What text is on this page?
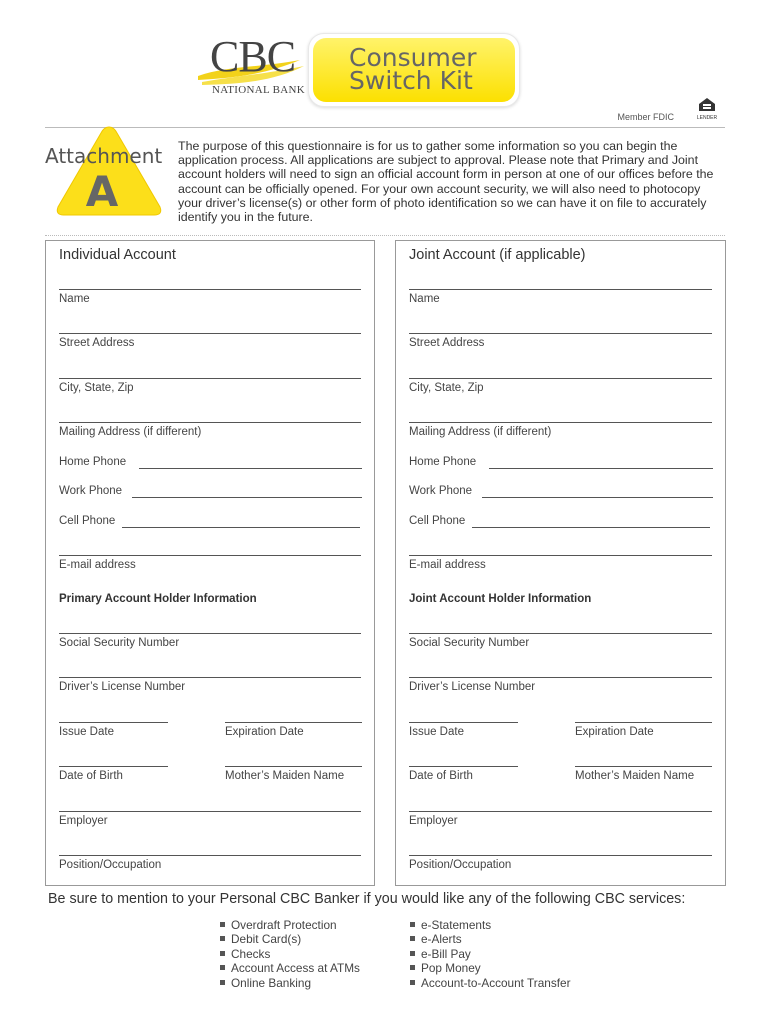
CBC
NATIONAL BANK
Consumer
Switch Kit
Member FDIC	LENDER
A
Attachment The purpose of this questionnaire is for us to gather some information so you can begin the application process. All applications are subject to approval. Please note that Primary and Joint account holders will need to sign an official account form in person at one of our offices before the account can be officially opened. For your own account security, we will also need to photocopy your driver’s license(s) or other form of photo identification so we can have it on file to accurately identify you in the future.
Individual Account
Name
Street Address
City, State, Zip
Mailing Address (if different)
Home Phone
Work Phone
Cell Phone
E-mail address
Primary Account Holder Information
Social Security Number
Driver’s License Number
Issue Date	Expiration Date
Date of Birth	Mother’s Maiden Name
Employer
Position/Occupation
Joint Account (if applicable)
Name
Street Address
City, State, Zip
Mailing Address (if different)
Home Phone
Work Phone
Cell Phone
E-mail address
Joint Account Holder Information
Social Security Number
Driver’s License Number
Issue Date	Expiration Date
Date of Birth	Mother’s Maiden Name
Employer
Position/Occupation
Be sure to mention to your Personal CBC Banker if you would like any of the following CBC services:
Overdraft Protection
Debit Card(s)
Checks
Account Access at ATMs
Online Banking
e-Statements
e-Alerts
e-Bill Pay
Pop Money
Account-to-Account Transfer
